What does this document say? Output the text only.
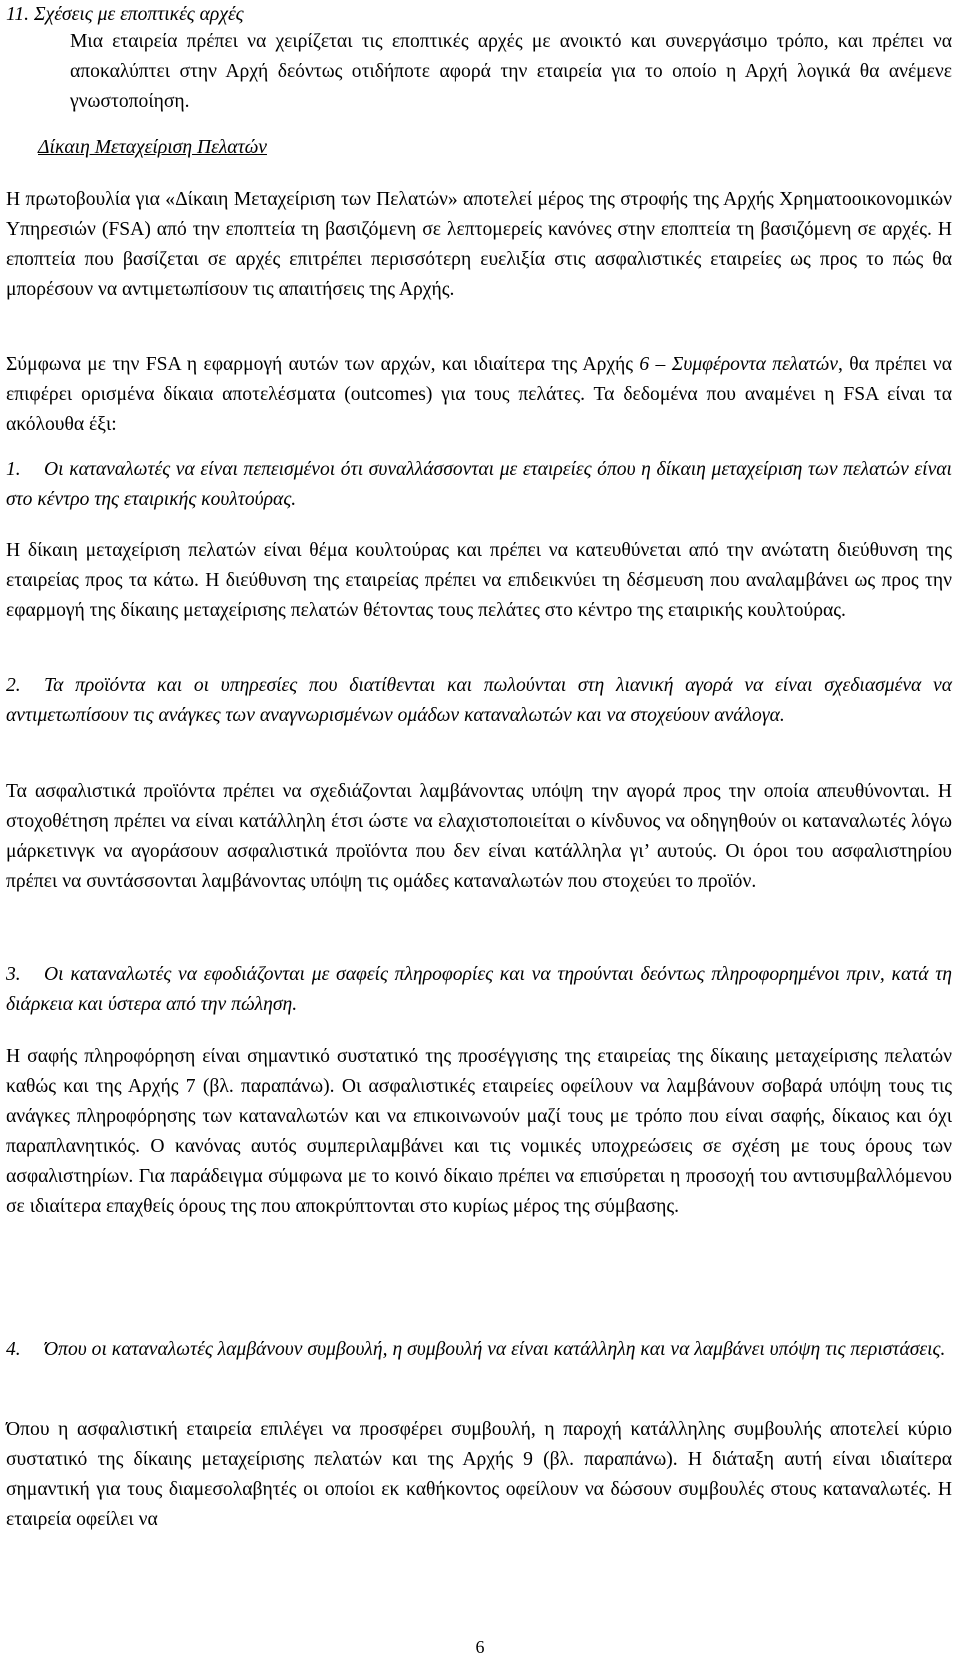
11. Σχέσεις με εποπτικές αρχές

Μια εταιρεία πρέπει να χειρίζεται τις εποπτικές αρχές με ανοικτό και συνεργάσιμο τρόπο, και πρέπει να αποκαλύπτει στην Αρχή δεόντως οτιδήποτε αφορά την εταιρεία για το οποίο η Αρχή λογικά θα ανέμενε γνωστοποίηση.

Δίκαιη Μεταχείριση Πελατών

Η πρωτοβουλία για «Δίκαιη Μεταχείριση των Πελατών» αποτελεί μέρος της στροφής της Αρχής Χρηματοοικονομικών Υπηρεσιών (FSA) από την εποπτεία τη βασιζόμενη σε λεπτομερείς κανόνες στην εποπτεία τη βασιζόμενη σε αρχές. Η εποπτεία που βασίζεται σε αρχές επιτρέπει περισσότερη ευελιξία στις ασφαλιστικές εταιρείες ως προς το πώς θα μπορέσουν να αντιμετωπίσουν τις απαιτήσεις της Αρχής.

Σύμφωνα με την FSA η εφαρμογή αυτών των αρχών, και ιδιαίτερα της Αρχής 6 – Συμφέροντα πελατών, θα πρέπει να επιφέρει ορισμένα δίκαια αποτελέσματα (outcomes) για τους πελάτες. Τα δεδομένα που αναμένει η FSA είναι τα ακόλουθα έξι:

1. Οι καταναλωτές να είναι πεπεισμένοι ότι συναλλάσσονται με εταιρείες όπου η δίκαιη μεταχείριση των πελατών είναι στο κέντρο της εταιρικής κουλτούρας.

Η δίκαιη μεταχείριση πελατών είναι θέμα κουλτούρας και πρέπει να κατευθύνεται από την ανώτατη διεύθυνση της εταιρείας προς τα κάτω. Η διεύθυνση της εταιρείας πρέπει να επιδεικνύει τη δέσμευση που αναλαμβάνει ως προς την εφαρμογή της δίκαιης μεταχείρισης πελατών θέτοντας τους πελάτες στο κέντρο της εταιρικής κουλτούρας.

2. Τα προϊόντα και οι υπηρεσίες που διατίθενται και πωλούνται στη λιανική αγορά να είναι σχεδιασμένα να αντιμετωπίσουν τις ανάγκες των αναγνωρισμένων ομάδων καταναλωτών και να στοχεύουν ανάλογα.

Τα ασφαλιστικά προϊόντα πρέπει να σχεδιάζονται λαμβάνοντας υπόψη την αγορά προς την οποία απευθύνονται. Η στοχοθέτηση πρέπει να είναι κατάλληλη έτσι ώστε να ελαχιστοποιείται ο κίνδυνος να οδηγηθούν οι καταναλωτές λόγω μάρκετινγκ να αγοράσουν ασφαλιστικά προϊόντα που δεν είναι κατάλληλα γι’ αυτούς. Οι όροι του ασφαλιστηρίου πρέπει να συντάσσονται λαμβάνοντας υπόψη τις ομάδες καταναλωτών που στοχεύει το προϊόν.

3. Οι καταναλωτές να εφοδιάζονται με σαφείς πληροφορίες και να τηρούνται δεόντως πληροφορημένοι πριν, κατά τη διάρκεια και ύστερα από την πώληση.

Η σαφής πληροφόρηση είναι σημαντικό συστατικό της προσέγγισης της εταιρείας της δίκαιης μεταχείρισης πελατών καθώς και της Αρχής 7 (βλ. παραπάνω). Οι ασφαλιστικές εταιρείες οφείλουν να λαμβάνουν σοβαρά υπόψη τους τις ανάγκες πληροφόρησης των καταναλωτών και να επικοινωνούν μαζί τους με τρόπο που είναι σαφής, δίκαιος και όχι παραπλανητικός. Ο κανόνας αυτός συμπεριλαμβάνει και τις νομικές υποχρεώσεις σε σχέση με τους όρους των ασφαλιστηρίων. Για παράδειγμα σύμφωνα με το κοινό δίκαιο πρέπει να επισύρεται η προσοχή του αντισυμβαλλόμενου σε ιδιαίτερα επαχθείς όρους της που αποκρύπτονται στο κυρίως μέρος της σύμβασης.

4. Όπου οι καταναλωτές λαμβάνουν συμβουλή, η συμβουλή να είναι κατάλληλη και να λαμβάνει υπόψη τις περιστάσεις.

Όπου η ασφαλιστική εταιρεία επιλέγει να προσφέρει συμβουλή, η παροχή κατάλληλης συμβουλής αποτελεί κύριο συστατικό της δίκαιης μεταχείρισης πελατών και της Αρχής 9 (βλ. παραπάνω). Η διάταξη αυτή είναι ιδιαίτερα σημαντική για τους διαμεσολαβητές οι οποίοι εκ καθήκοντος οφείλουν να δώσουν συμβουλές στους καταναλωτές. Η εταιρεία οφείλει να

6
